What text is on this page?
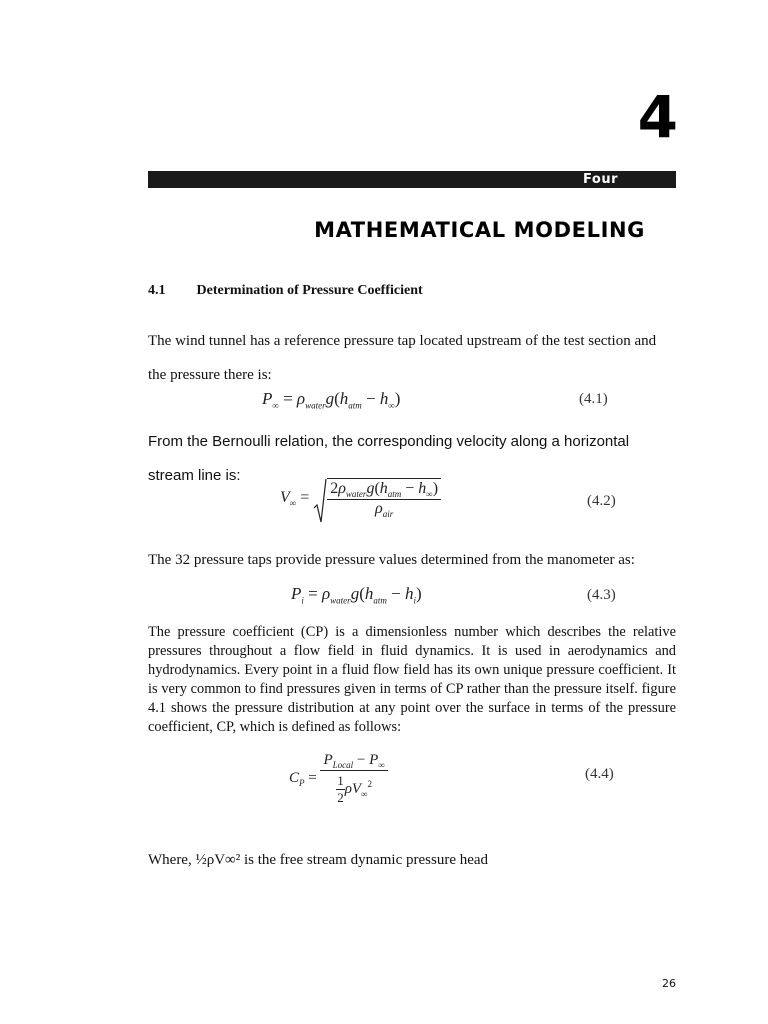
4
Four
MATHEMATICAL MODELING
4.1 Determination of Pressure Coefficient
The wind tunnel has a reference pressure tap located upstream of the test section and the pressure there is:
$P_\infty = \rho_{water}g(h_{atm} - h_\infty)$	(4.1)
From the Bernoulli relation, the corresponding velocity along a horizontal stream line is:
$V_\infty = \frac{2\rho_{water}g(h_{atm} - h_\infty)}{\rho_{air}}$	(4.2)
The 32 pressure taps provide pressure values determined from the manometer as:
$P_i = \rho_{water}g(h_{atm} - h_i)$	(4.3)
The pressure coefficient (CP) is a dimensionless number which describes the relative pressures throughout a flow field in fluid dynamics. It is used in aerodynamics and hydrodynamics. Every point in a fluid flow field has its own unique pressure coefficient. It is very common to find pressures given in terms of CP rather than the pressure itself. figure 4.1 shows the pressure distribution at any point over the surface in terms of the pressure coefficient, CP, which is defined as follows:
$C_P = \frac{P_{Local} - P_\infty}{\frac{1}{2} \rho V_\infty^2}$	(4.4)
Where, ½ρV∞² is the free stream dynamic pressure head
26
